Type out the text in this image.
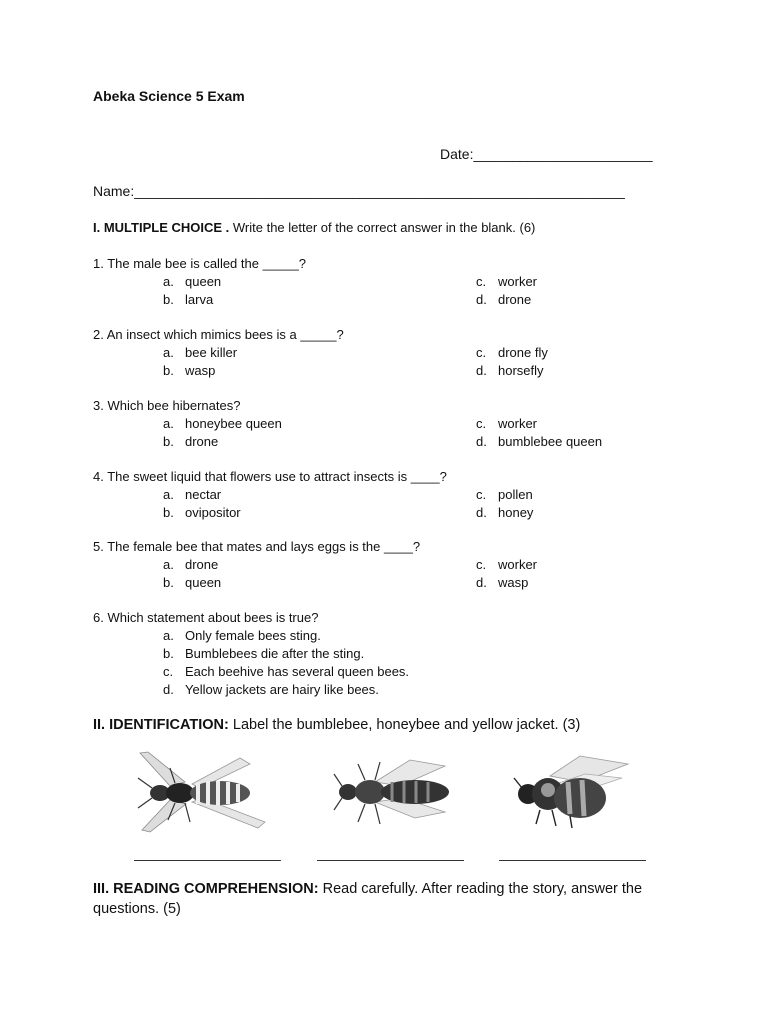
Abeka Science 5 Exam
Date:_______________________
Name:_______________________________________________________________
I. MULTIPLE CHOICE . Write the letter of the correct answer in the blank. (6)
1. The male bee is called the _____?
a. queen
b. larva
c. worker
d. drone
2. An insect which mimics bees is a _____?
a. bee killer
b. wasp
c. drone fly
d. horsefly
3. Which bee hibernates?
a. honeybee queen
b. drone
c. worker
d. bumblebee queen
4. The sweet liquid that flowers use to attract insects is ____?
a. nectar
b. ovipositor
c. pollen
d. honey
5. The female bee that mates and lays eggs is the ____?
a. drone
b. queen
c. worker
d. wasp
6. Which statement about bees is true?
a. Only female bees sting.
b. Bumblebees die after the sting.
c. Each beehive has several queen bees.
d. Yellow jackets are hairy like bees.
II. IDENTIFICATION: Label the bumblebee, honeybee and yellow jacket. (3)
III. READING COMPREHENSION: Read carefully. After reading the story, answer the questions. (5)
